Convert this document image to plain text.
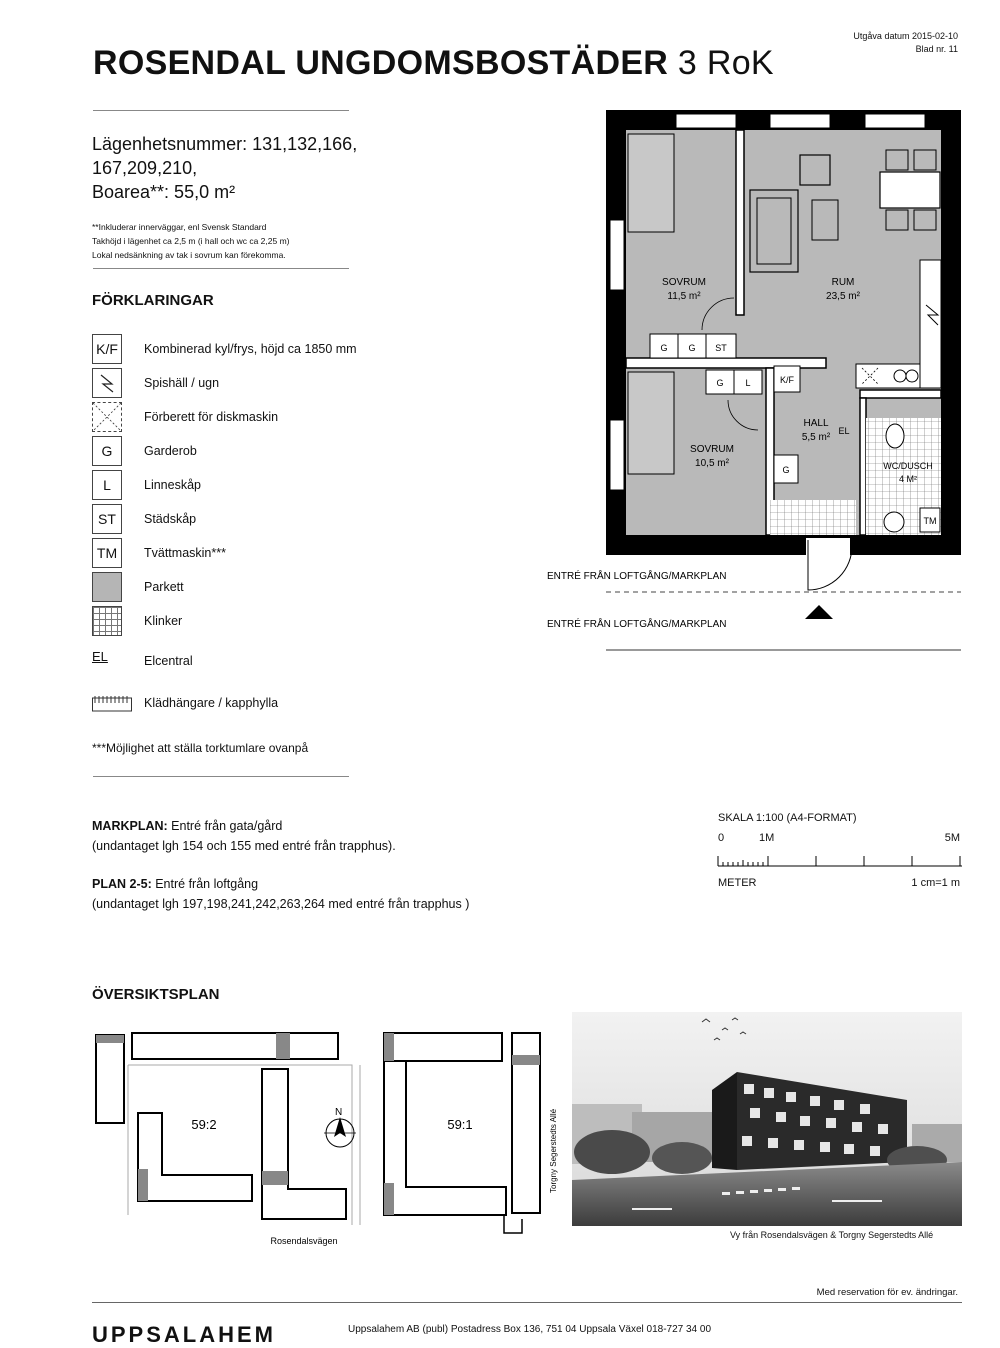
ROSENDAL UNGDOMSBOSTÄDER 3 RoK
Utgåva datum 2015-02-10
Blad nr. 11
Lägenhetsnummer: 131,132,166,
167,209,210,
Boarea**: 55,0 m²
**Inkluderar innerväggar, enl Svensk Standard
Takhöjd i lägenhet ca 2,5 m (i hall och wc ca 2,25 m)
Lokal nedsänkning av tak i sovrum kan förekomma.
FÖRKLARINGAR
K/F	Kombinerad kyl/frys, höjd ca 1850 mm
Spishäll / ugn
Förberett för diskmaskin
G	Garderob
L	Linneskåp
ST	Städskåp
TM	Tvättmaskin***
Parkett
Klinker
EL	Elcentral
Klädhängare / kapphylla
***Möjlighet att ställa torktumlare ovanpå
SOVRUM
11,5 m²
RUM
23,5 m²
HALL
5,5 m²
SOVRUM
10,5 m²	WC/DUSCH
4 M²
G G ST
G L	K/F
EL
G
TM
ENTRÉ FRÅN LOFTGÅNG/MARKPLAN
ENTRÉ FRÅN LOFTGÅNG/MARKPLAN
MARKPLAN: Entré från gata/gård
(undantaget lgh 154 och 155 med entré från trapphus).
PLAN 2-5: Entré från loftgång
(undantaget lgh 197,198,241,242,263,264 med entré från trapphus )
SKALA 1:100 (A4-FORMAT)
0	1M	5M
METER	1 cm=1 m
ÖVERSIKTSPLAN
59:2	59:1
N
Rosendalsvägen
Torgny Segerstedts Allé
Vy från Rosendalsvägen & Torgny Segerstedts Allé
Med reservation för ev. ändringar.
UPPSALAHEM	Uppsalahem AB (publ) Postadress Box 136, 751 04 Uppsala Växel 018-727 34 00
